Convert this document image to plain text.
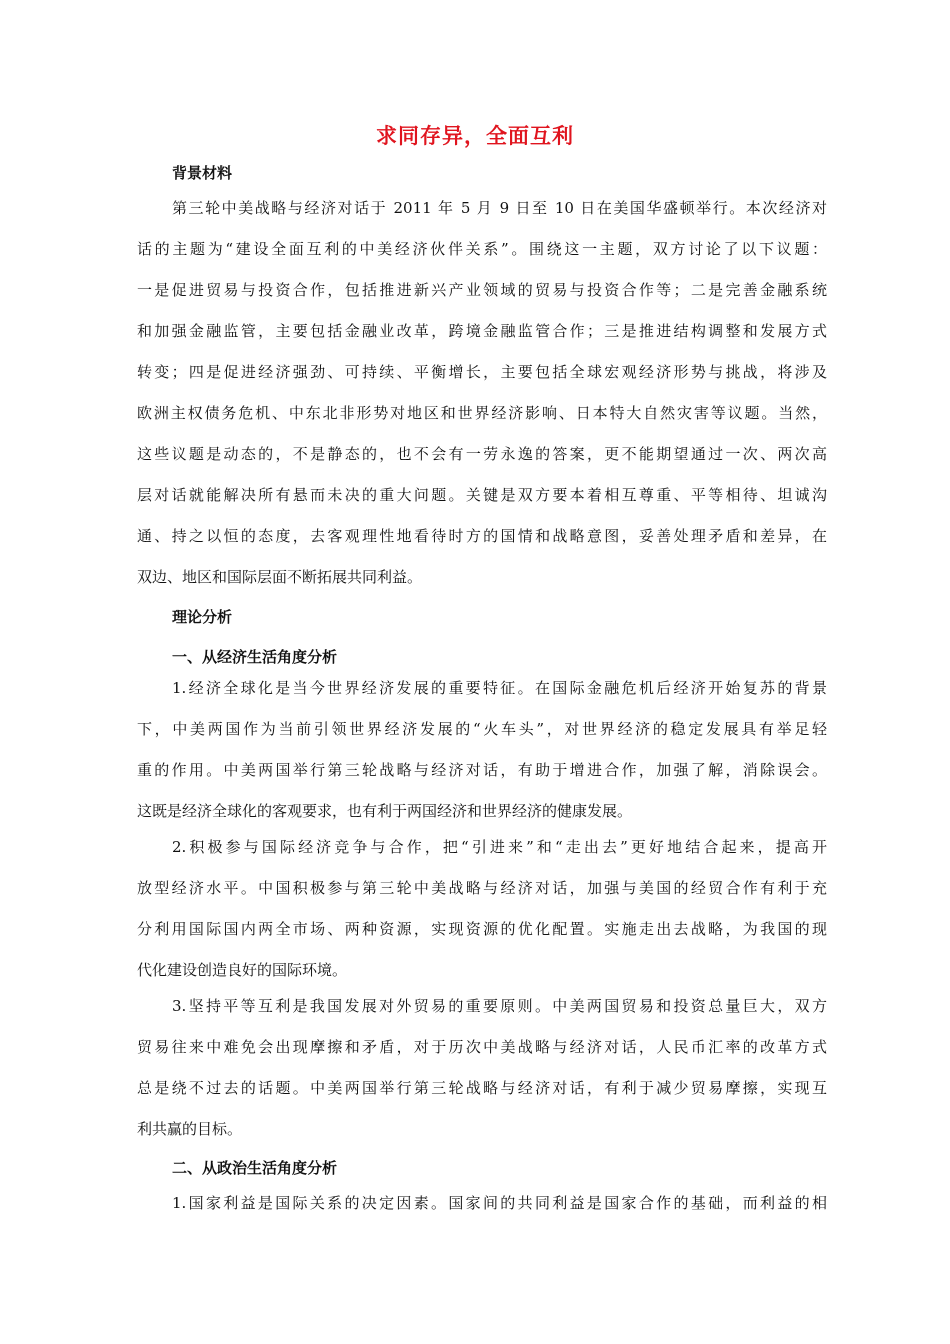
求同存异，全面互利
背景材料
第三轮中美战略与经济对话于 2011 年 5 月 9 日至 10 日在美国华盛顿举行。本次经济对
话的主题为“建设全面互利的中美经济伙伴关系”。围绕这一主题，双方讨论了以下议题：
一是促进贸易与投资合作，包括推进新兴产业领域的贸易与投资合作等；二是完善金融系统
和加强金融监管，主要包括金融业改革，跨境金融监管合作；三是推进结构调整和发展方式
转变；四是促进经济强劲、可持续、平衡增长，主要包括全球宏观经济形势与挑战，将涉及
欧洲主权债务危机、中东北非形势对地区和世界经济影响、日本特大自然灾害等议题。当然，
这些议题是动态的，不是静态的，也不会有一劳永逸的答案，更不能期望通过一次、两次高
层对话就能解决所有悬而未决的重大问题。关键是双方要本着相互尊重、平等相待、坦诚沟
通、持之以恒的态度，去客观理性地看待时方的国情和战略意图，妥善处理矛盾和差异，在
双边、地区和国际层面不断拓展共同利益。
理论分析
一、从经济生活角度分析
1.经济全球化是当今世界经济发展的重要特征。在国际金融危机后经济开始复苏的背景
下，中美两国作为当前引领世界经济发展的“火车头”，对世界经济的稳定发展具有举足轻
重的作用。中美两国举行第三轮战略与经济对话，有助于增进合作，加强了解，消除误会。
这既是经济全球化的客观要求，也有利于两国经济和世界经济的健康发展。
2.积极参与国际经济竞争与合作，把“引进来”和“走出去”更好地结合起来，提高开
放型经济水平。中国积极参与第三轮中美战略与经济对话，加强与美国的经贸合作有利于充
分利用国际国内两全市场、两种资源，实现资源的优化配置。实施走出去战略，为我国的现
代化建设创造良好的国际环境。
3.坚持平等互利是我国发展对外贸易的重要原则。中美两国贸易和投资总量巨大，双方
贸易往来中难免会出现摩擦和矛盾，对于历次中美战略与经济对话，人民币汇率的改革方式
总是绕不过去的话题。中美两国举行第三轮战略与经济对话，有利于减少贸易摩擦，实现互
利共赢的目标。
二、从政治生活角度分析
1.国家利益是国际关系的决定因素。国家间的共同利益是国家合作的基础，而利益的相
